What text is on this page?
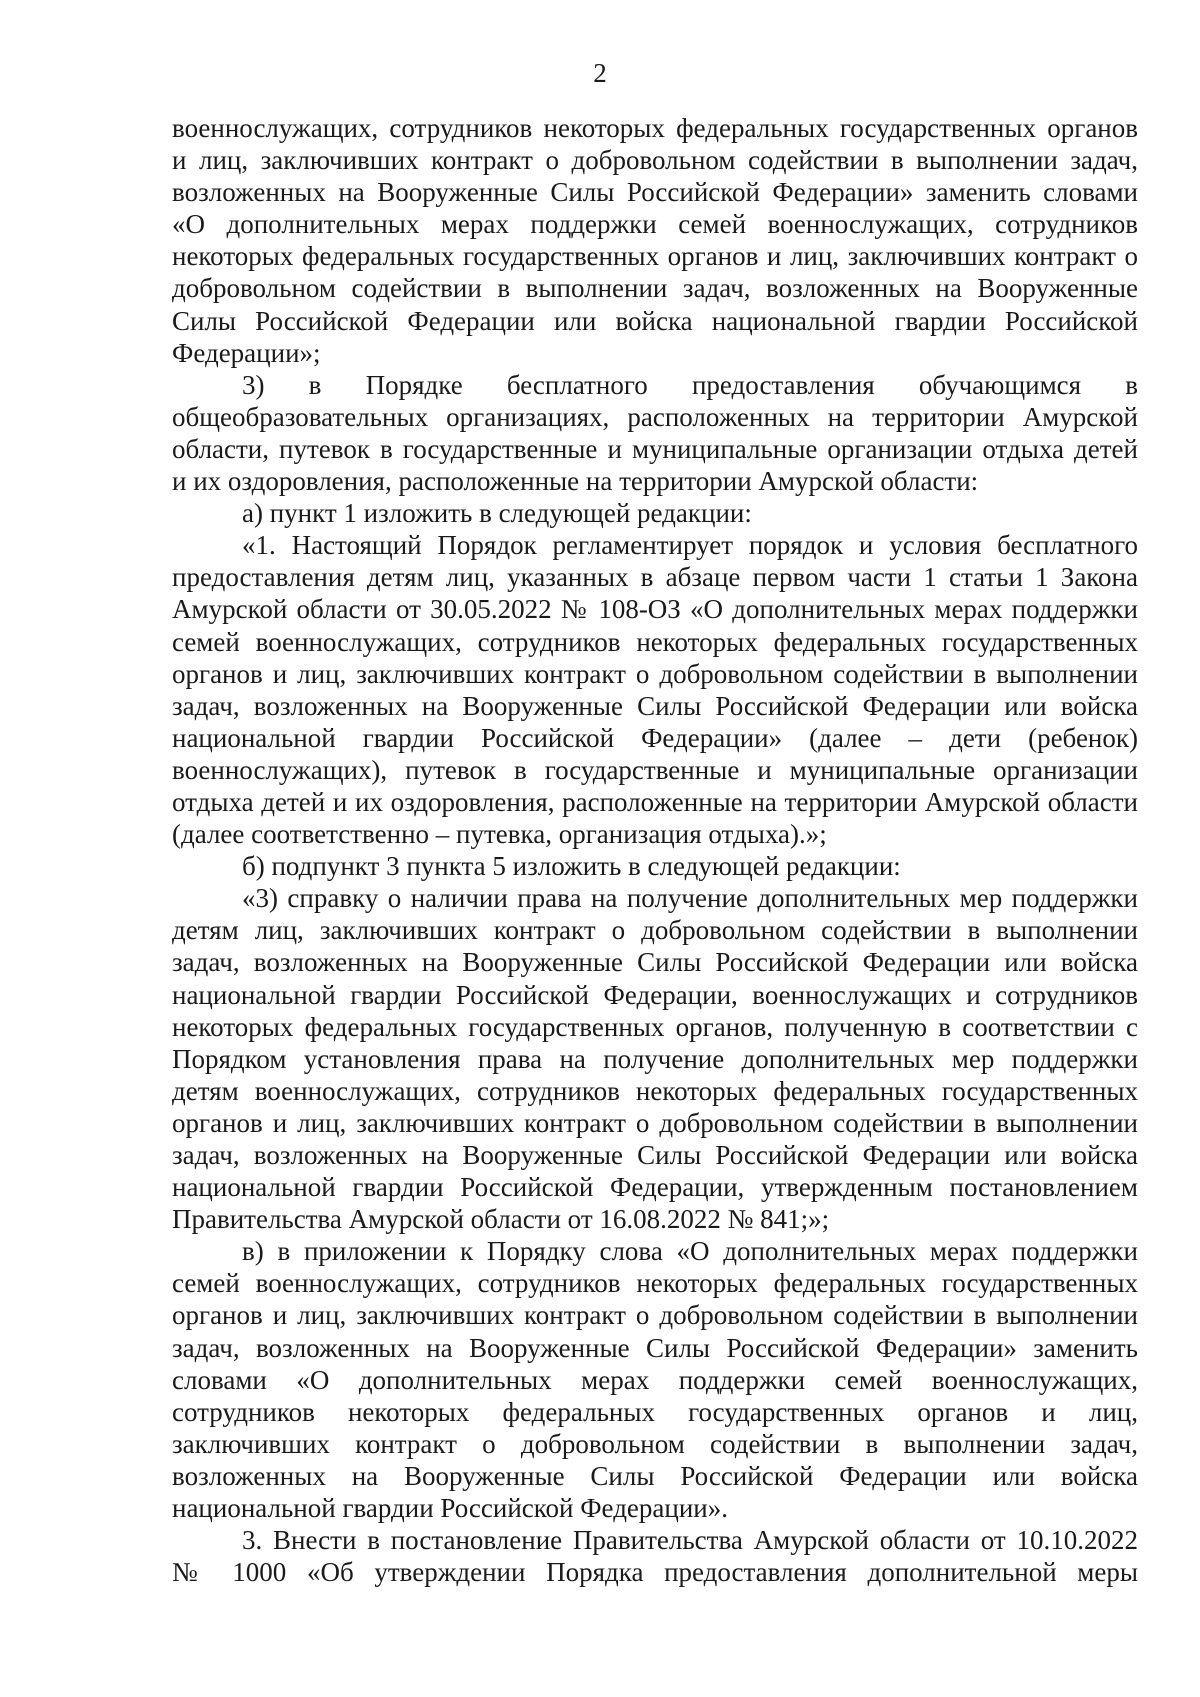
2
военнослужащих, сотрудников некоторых федеральных государственных органов
и лиц, заключивших контракт о добровольном содействии в выполнении задач,
возложенных на Вооруженные Силы Российской Федерации» заменить словами
«О дополнительных мерах поддержки семей военнослужащих, сотрудников
некоторых федеральных государственных органов и лиц, заключивших контракт о
добровольном содействии в выполнении задач, возложенных на Вооруженные
Силы Российской Федерации или войска национальной гвардии Российской
Федерации»;
3) в Порядке бесплатного предоставления обучающимся в
общеобразовательных организациях, расположенных на территории Амурской
области, путевок в государственные и муниципальные организации отдыха детей
и их оздоровления, расположенные на территории Амурской области:
а) пункт 1 изложить в следующей редакции:
«1. Настоящий Порядок регламентирует порядок и условия бесплатного
предоставления детям лиц, указанных в абзаце первом части 1 статьи 1 Закона
Амурской области от 30.05.2022 № 108-ОЗ «О дополнительных мерах поддержки
семей военнослужащих, сотрудников некоторых федеральных государственных
органов и лиц, заключивших контракт о добровольном содействии в выполнении
задач, возложенных на Вооруженные Силы Российской Федерации или войска
национальной гвардии Российской Федерации» (далее – дети (ребенок)
военнослужащих), путевок в государственные и муниципальные организации
отдыха детей и их оздоровления, расположенные на территории Амурской области
(далее соответственно – путевка, организация отдыха).»;
б) подпункт 3 пункта 5 изложить в следующей редакции:
«3) справку о наличии права на получение дополнительных мер поддержки
детям лиц, заключивших контракт о добровольном содействии в выполнении
задач, возложенных на Вооруженные Силы Российской Федерации или войска
национальной гвардии Российской Федерации, военнослужащих и сотрудников
некоторых федеральных государственных органов, полученную в соответствии с
Порядком установления права на получение дополнительных мер поддержки
детям военнослужащих, сотрудников некоторых федеральных государственных
органов и лиц, заключивших контракт о добровольном содействии в выполнении
задач, возложенных на Вооруженные Силы Российской Федерации или войска
национальной гвардии Российской Федерации, утвержденным постановлением
Правительства Амурской области от 16.08.2022 № 841;»;
в) в приложении к Порядку слова «О дополнительных мерах поддержки
семей военнослужащих, сотрудников некоторых федеральных государственных
органов и лиц, заключивших контракт о добровольном содействии в выполнении
задач, возложенных на Вооруженные Силы Российской Федерации» заменить
словами «О дополнительных мерах поддержки семей военнослужащих,
сотрудников некоторых федеральных государственных органов и лиц,
заключивших контракт о добровольном содействии в выполнении задач,
возложенных на Вооруженные Силы Российской Федерации или войска
национальной гвардии Российской Федерации».
3. Внести в постановление Правительства Амурской области от 10.10.2022
№ 1000 «Об утверждении Порядка предоставления дополнительной меры
